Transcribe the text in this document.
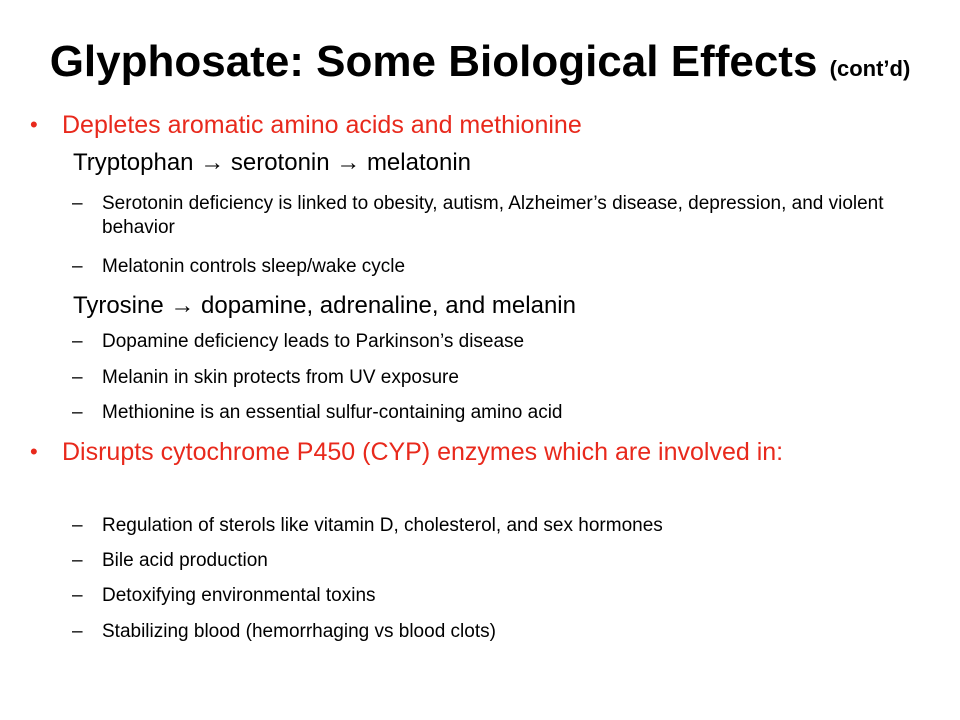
Glyphosate: Some Biological Effects (cont’d)
• Depletes aromatic amino acids and methionine
Tryptophan → serotonin → melatonin
– Serotonin deficiency is linked to obesity, autism, Alzheimer’s disease, depression, and violent behavior
– Melatonin controls sleep/wake cycle
Tyrosine → dopamine, adrenaline, and melanin
– Dopamine deficiency leads to Parkinson’s disease
– Melanin in skin protects from UV exposure
– Methionine is an essential sulfur-containing amino acid
• Disrupts cytochrome P450 (CYP) enzymes which are involved in:
– Regulation of sterols like vitamin D, cholesterol, and sex hormones
– Bile acid production
– Detoxifying environmental toxins
– Stabilizing blood (hemorrhaging vs blood clots)
